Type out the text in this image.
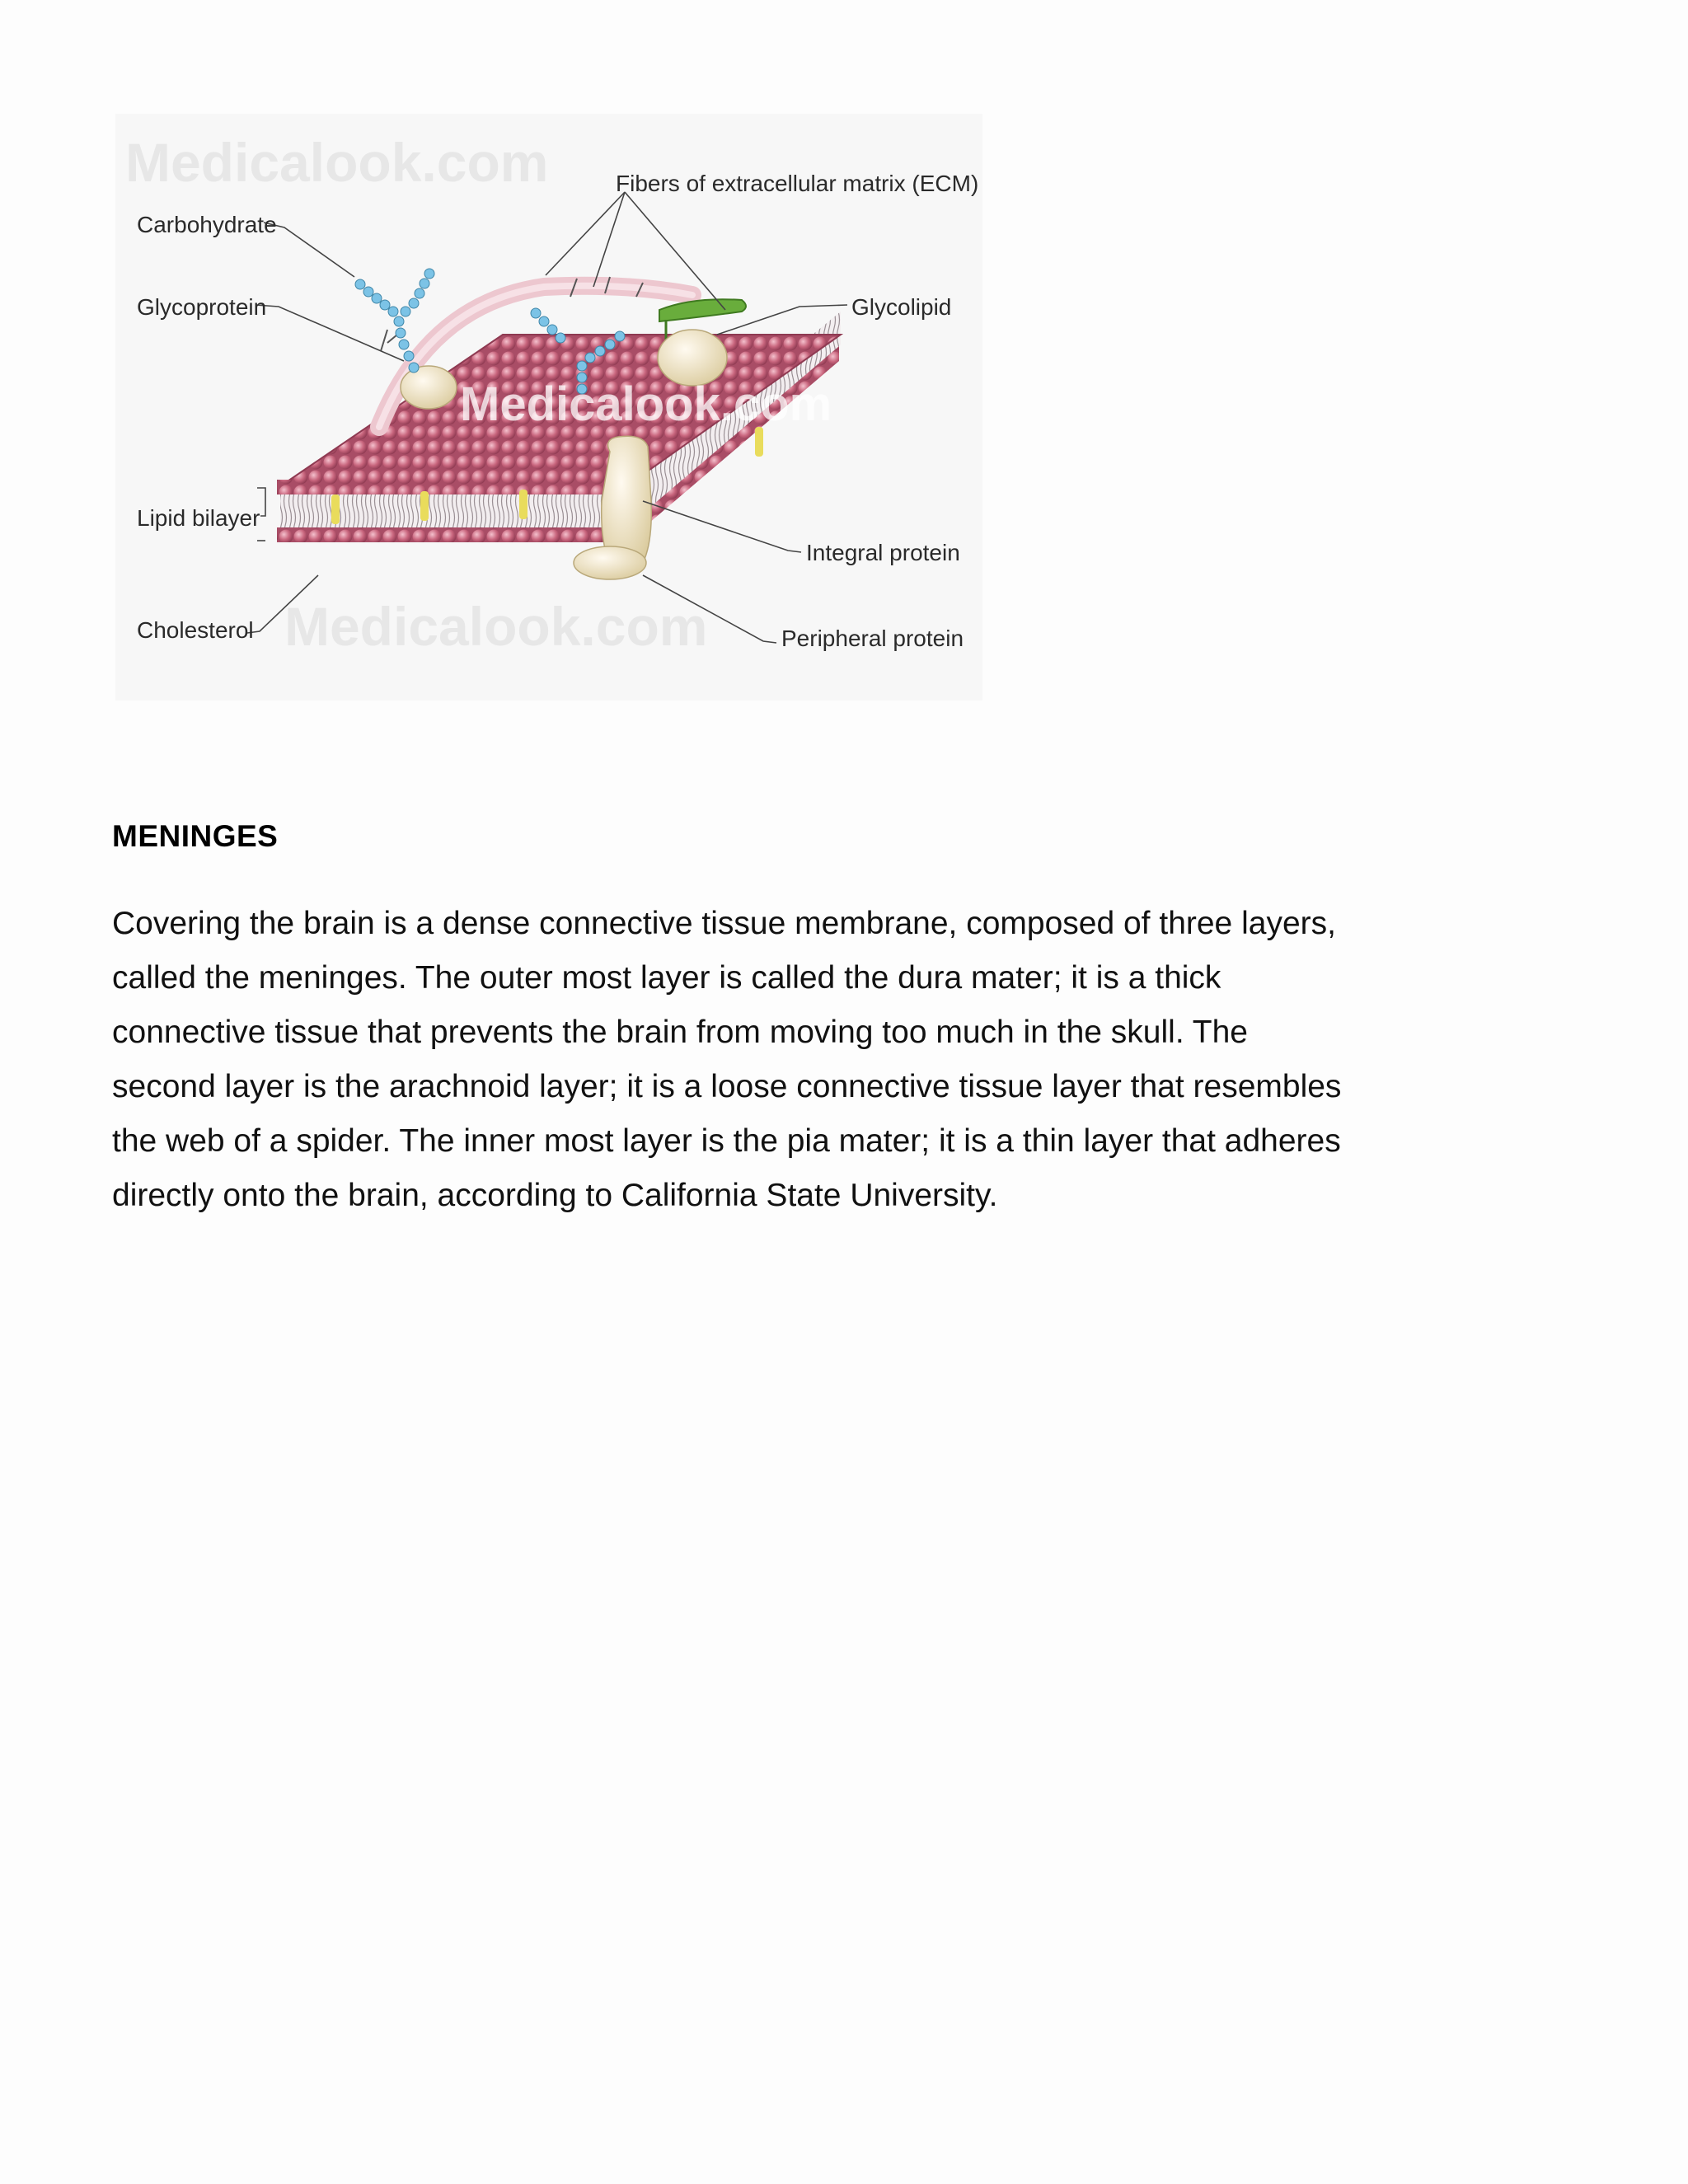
Medicalook.com
Medicalook.com
Medicalook.com
Fibers of extracellular matrix (ECM)
Carbohydrate
Glycoprotein	Glycolipid
Lipid bilayer
Integral protein
Cholesterol	Peripheral protein
MENINGES
Covering the brain is a dense connective tissue membrane, composed of three layers,
called the meninges. The outer most layer is called the dura mater; it is a thick
connective tissue that prevents the brain from moving too much in the skull. The
second layer is the arachnoid layer; it is a loose connective tissue layer that resembles
the web of a spider. The inner most layer is the pia mater; it is a thin layer that adheres
directly onto the brain, according to California State University.
